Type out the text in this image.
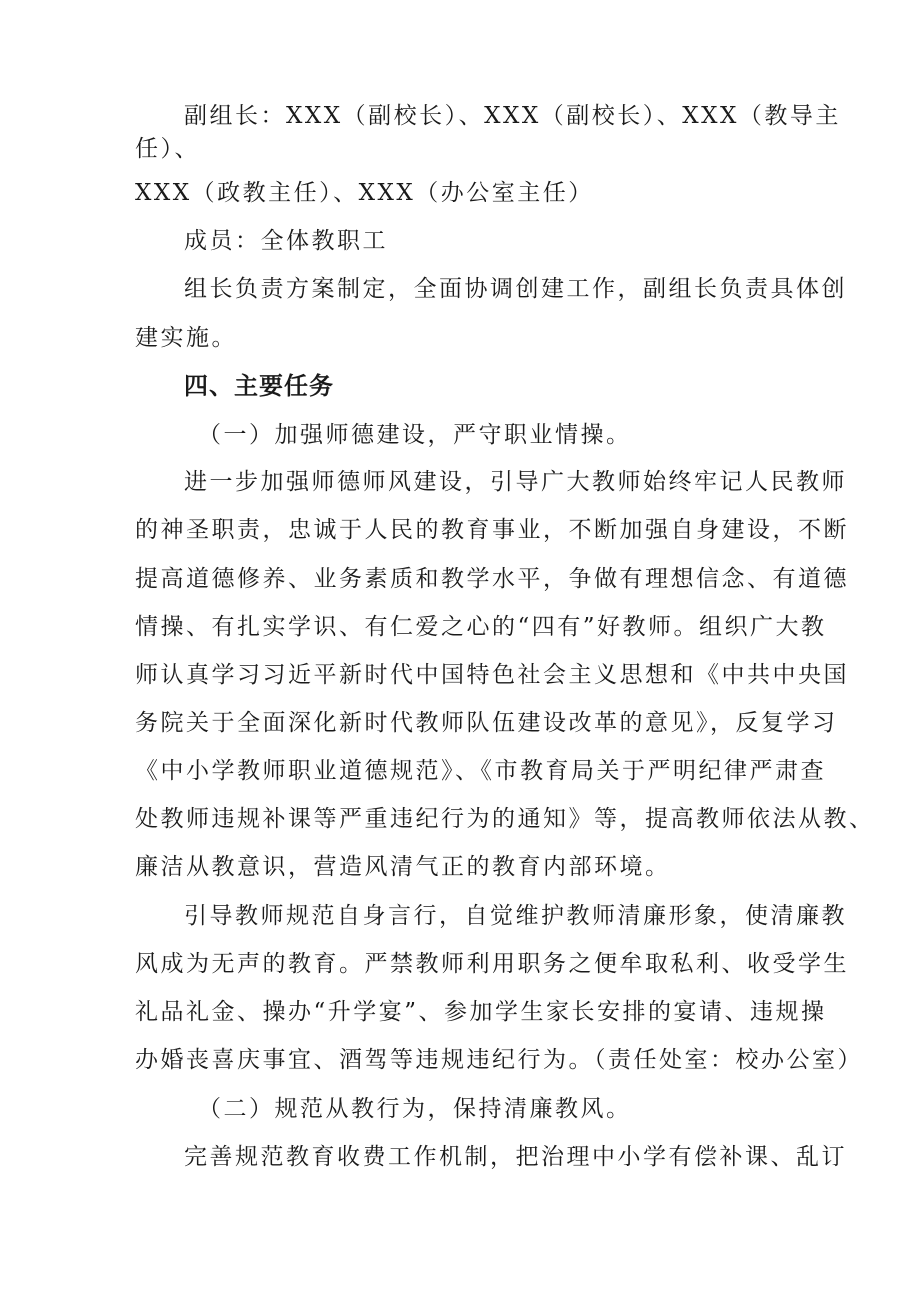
副组长：XXX（副校长）、XXX（副校长）、XXX（教导主
任）、
XXX（政教主任）、XXX（办公室主任）
成员：全体教职工
组长负责方案制定，全面协调创建工作，副组长负责具体创
建实施。
四、主要任务
（一）加强师德建设，严守职业情操。
进一步加强师德师风建设，引导广大教师始终牢记人民教师
的神圣职责，忠诚于人民的教育事业，不断加强自身建设，不断
提高道德修养、业务素质和教学水平，争做有理想信念、有道德
情操、有扎实学识、有仁爱之心的“四有”好教师。组织广大教
师认真学习习近平新时代中国特色社会主义思想和《中共中央国
务院关于全面深化新时代教师队伍建设改革的意见》，反复学习
《中小学教师职业道德规范》、《市教育局关于严明纪律严肃查
处教师违规补课等严重违纪行为的通知》等，提高教师依法从教、
廉洁从教意识，营造风清气正的教育内部环境。
引导教师规范自身言行，自觉维护教师清廉形象，使清廉教
风成为无声的教育。严禁教师利用职务之便牟取私利、收受学生
礼品礼金、操办“升学宴”、参加学生家长安排的宴请、违规操
办婚丧喜庆事宜、酒驾等违规违纪行为。（责任处室：校办公室）
（二）规范从教行为，保持清廉教风。
完善规范教育收费工作机制，把治理中小学有偿补课、乱订
